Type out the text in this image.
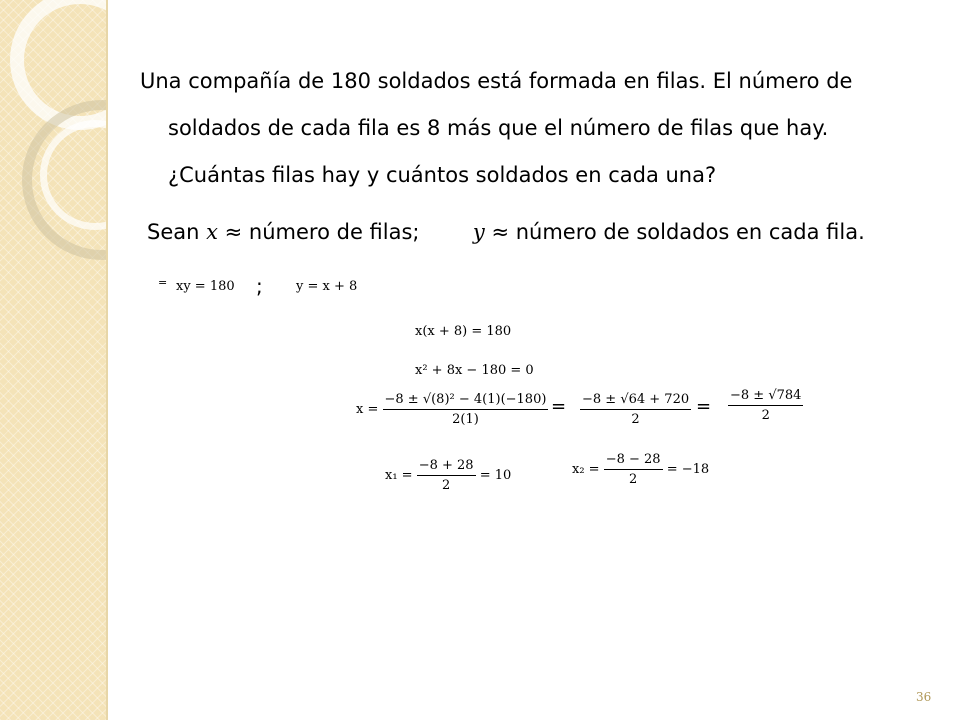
Una compañía de 180 soldados está formada en filas. El número de

soldados de cada fila es 8 más que el número de filas que hay.

¿Cuántas filas hay y cuántos soldados en cada una?

Sean x ≈ número de filas;	y ≈ número de soldados en cada fila.
= xy = 180 ;	y = x + 8
x(x + 8) = 180
x² + 8x − 180 = 0
$x = \frac{\text{−8 ± √(8)² − 4(1)(−180)}}{2(1)} = \frac{-8 \pm √64 + 720}{2} = \frac{-8 \pm √784}{2}$
$x_1 = \frac{-8 + 28}{2} = 10$	$x_2 = \frac{-8 - 28}{2} = -18$
36
